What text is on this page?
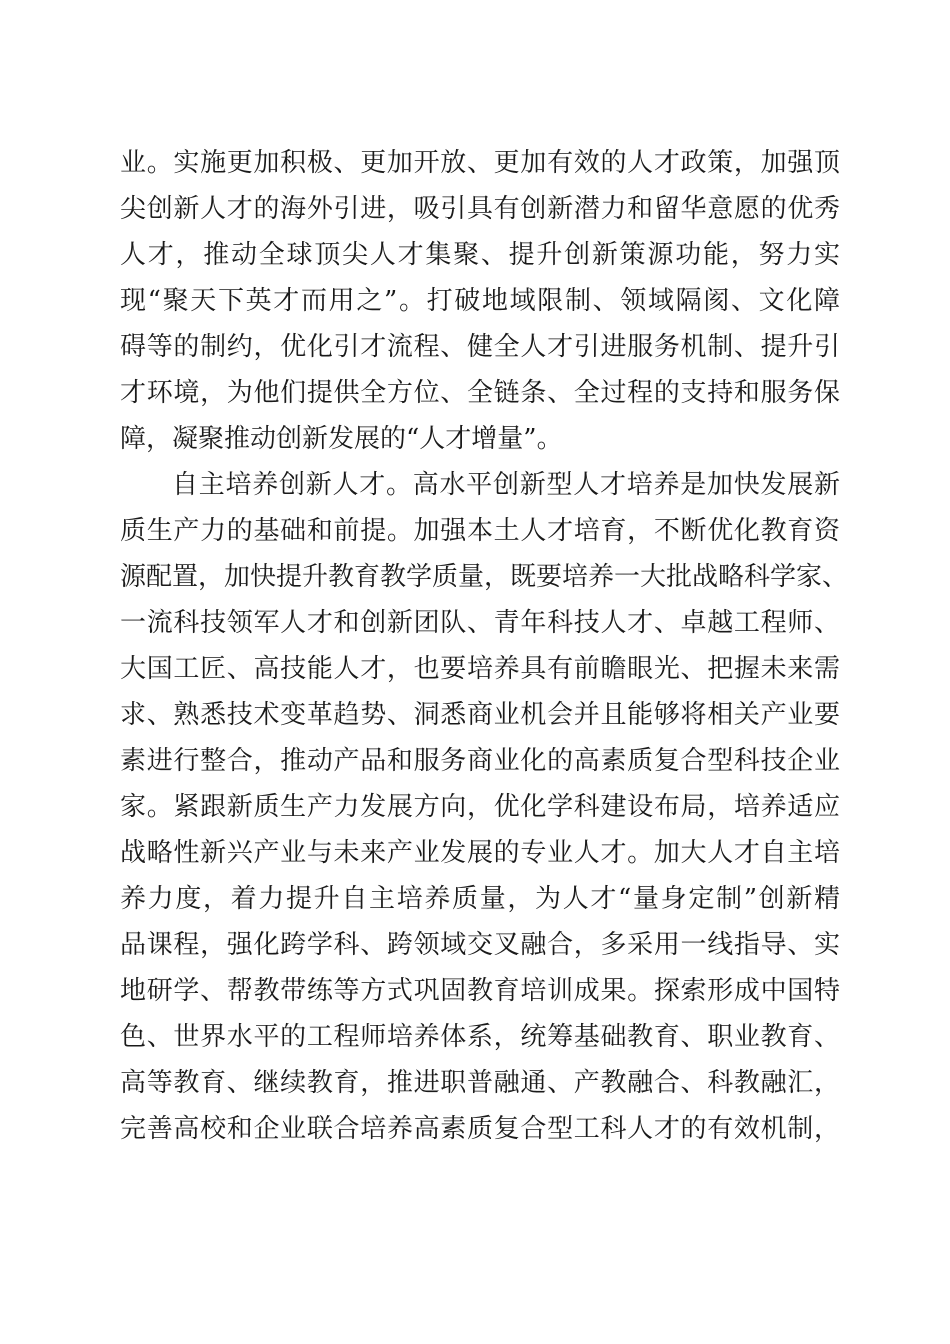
业。实施更加积极、更加开放、更加有效的人才政策，加强顶
尖创新人才的海外引进，吸引具有创新潜力和留华意愿的优秀
人才，推动全球顶尖人才集聚、提升创新策源功能，努力实
现“聚天下英才而用之”。打破地域限制、领域隔阂、文化障
碍等的制约，优化引才流程、健全人才引进服务机制、提升引
才环境，为他们提供全方位、全链条、全过程的支持和服务保
障，凝聚推动创新发展的“人才增量”。
自主培养创新人才。高水平创新型人才培养是加快发展新
质生产力的基础和前提。加强本土人才培育，不断优化教育资
源配置，加快提升教育教学质量，既要培养一大批战略科学家、
一流科技领军人才和创新团队、青年科技人才、卓越工程师、
大国工匠、高技能人才，也要培养具有前瞻眼光、把握未来需
求、熟悉技术变革趋势、洞悉商业机会并且能够将相关产业要
素进行整合，推动产品和服务商业化的高素质复合型科技企业
家。紧跟新质生产力发展方向，优化学科建设布局，培养适应
战略性新兴产业与未来产业发展的专业人才。加大人才自主培
养力度，着力提升自主培养质量，为人才“量身定制”创新精
品课程，强化跨学科、跨领域交叉融合，多采用一线指导、实
地研学、帮教带练等方式巩固教育培训成果。探索形成中国特
色、世界水平的工程师培养体系，统筹基础教育、职业教育、
高等教育、继续教育，推进职普融通、产教融合、科教融汇，
完善高校和企业联合培养高素质复合型工科人才的有效机制，
